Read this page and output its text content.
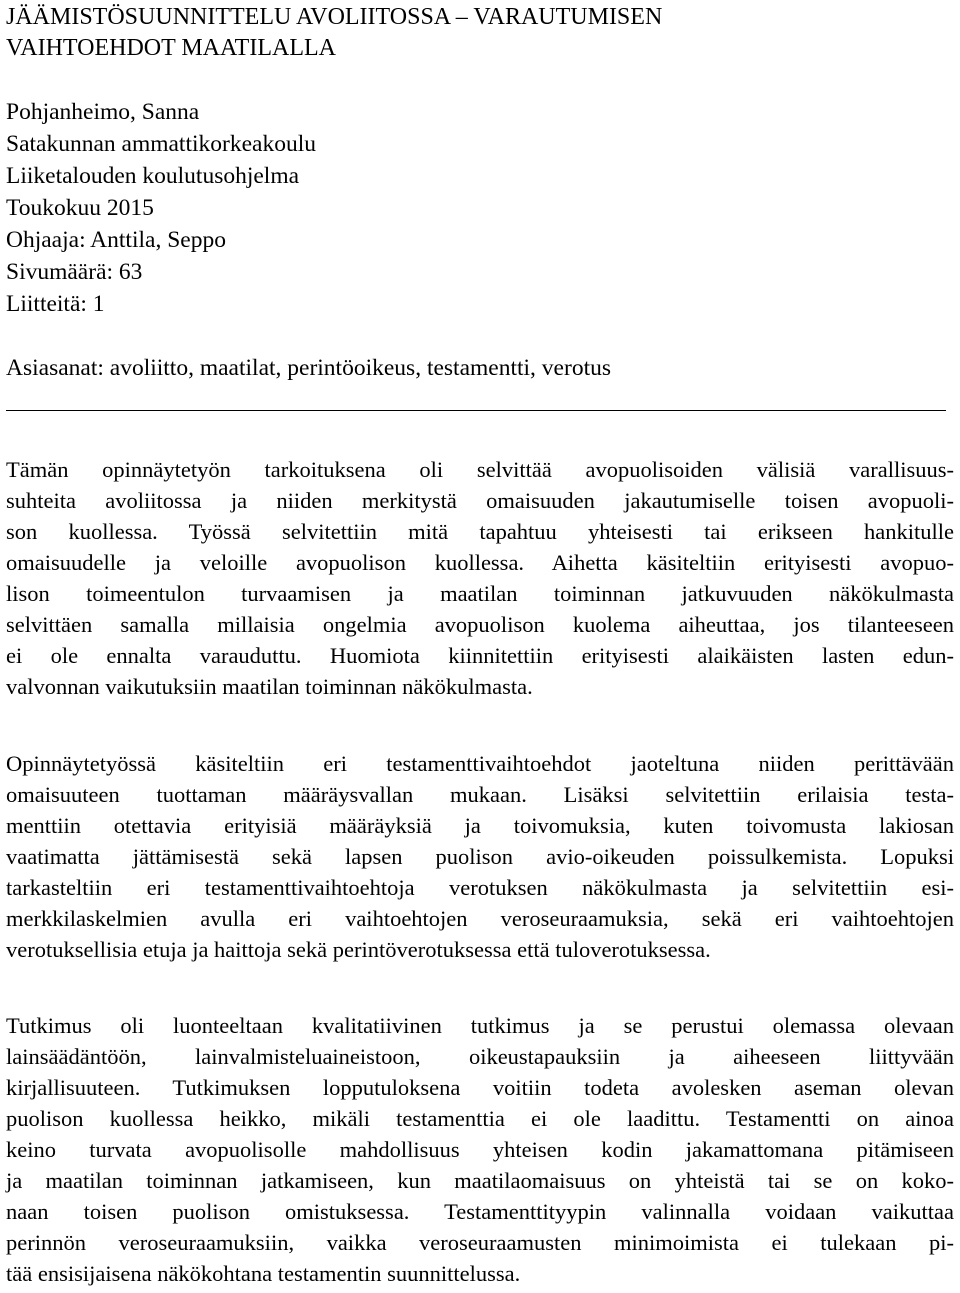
JÄÄMISTÖSUUNNITTELU AVOLIITOSSA – VARAUTUMISEN
VAIHTOEHDOT MAATILALLA
Pohjanheimo, Sanna
Satakunnan ammattikorkeakoulu
Liiketalouden koulutusohjelma
Toukokuu 2015
Ohjaaja: Anttila, Seppo
Sivumäärä: 63
Liitteitä: 1
Asiasanat: avoliitto, maatilat, perintöoikeus, testamentti, verotus
Tämän opinnäytetyön tarkoituksena oli selvittää avopuolisoiden välisiä varallisuus-
suhteita avoliitossa ja niiden merkitystä omaisuuden jakautumiselle toisen avopuoli-
son kuollessa. Työssä selvitettiin mitä tapahtuu yhteisesti tai erikseen hankitulle
omaisuudelle ja veloille avopuolison kuollessa. Aihetta käsiteltiin erityisesti avopuo-
lison toimeentulon turvaamisen ja maatilan toiminnan jatkuvuuden näkökulmasta
selvittäen samalla millaisia ongelmia avopuolison kuolema aiheuttaa, jos tilanteeseen
ei ole ennalta varauduttu. Huomiota kiinnitettiin erityisesti alaikäisten lasten edun-
valvonnan vaikutuksiin maatilan toiminnan näkökulmasta.
Opinnäytetyössä käsiteltiin eri testamenttivaihtoehdot jaoteltuna niiden perittävään
omaisuuteen tuottaman määräysvallan mukaan. Lisäksi selvitettiin erilaisia testa-
menttiin otettavia erityisiä määräyksiä ja toivomuksia, kuten toivomusta lakiosan
vaatimatta jättämisestä sekä lapsen puolison avio-oikeuden poissulkemista. Lopuksi
tarkasteltiin eri testamenttivaihtoehtoja verotuksen näkökulmasta ja selvitettiin esi-
merkkilaskelmien avulla eri vaihtoehtojen veroseuraamuksia, sekä eri vaihtoehtojen
verotuksellisia etuja ja haittoja sekä perintöverotuksessa että tuloverotuksessa.
Tutkimus oli luonteeltaan kvalitatiivinen tutkimus ja se perustui olemassa olevaan
lainsäädäntöön, lainvalmisteluaineistoon, oikeustapauksiin ja aiheeseen liittyvään
kirjallisuuteen. Tutkimuksen lopputuloksena voitiin todeta avolesken aseman olevan
puolison kuollessa heikko, mikäli testamenttia ei ole laadittu. Testamentti on ainoa
keino turvata avopuolisolle mahdollisuus yhteisen kodin jakamattomana pitämiseen
ja maatilan toiminnan jatkamiseen, kun maatilaomaisuus on yhteistä tai se on koko-
naan toisen puolison omistuksessa. Testamenttityypin valinnalla voidaan vaikuttaa
perinnön veroseuraamuksiin, vaikka veroseuraamusten minimoimista ei tulekaan pi-
tää ensisijaisena näkökohtana testamentin suunnittelussa.
